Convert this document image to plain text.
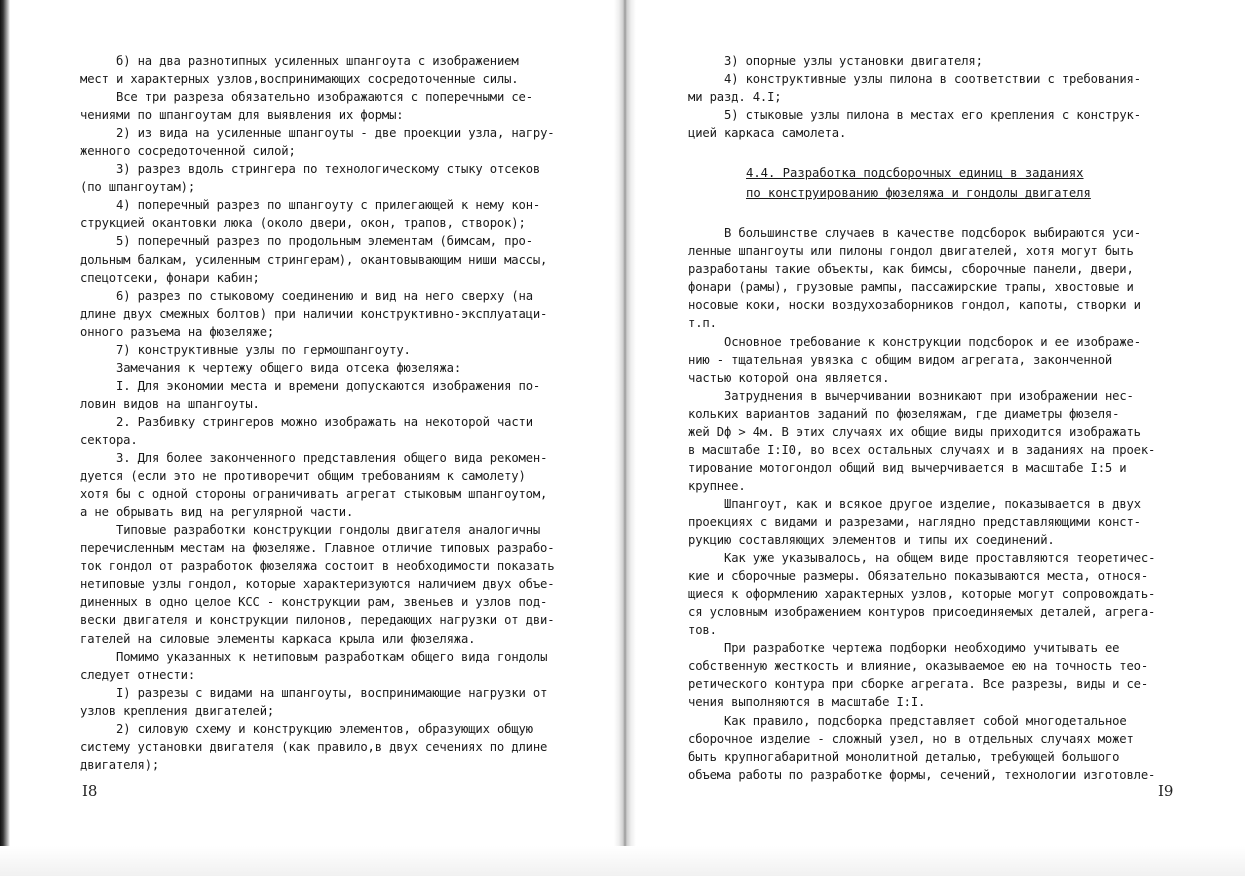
б) на два разнотипных усиленных шпангоута с изображением
мест и характерных узлов,воспринимающих сосредоточенные силы.
Все три разреза обязательно изображаются с поперечными се-
чениями по шпангоутам для выявления их формы:
2) из вида на усиленные шпангоуты - две проекции узла, нагру-
женного сосредоточенной силой;
3) разрез вдоль стрингера по технологическому стыку отсеков
(по шпангоутам);
4) поперечный разрез по шпангоуту с прилегающей к нему кон-
струкцией окантовки люка (около двери, окон, трапов, створок);
5) поперечный разрез по продольным элементам (бимсам, про-
дольным балкам, усиленным стрингерам), окантовывающим ниши массы,
спецотсеки, фонари кабин;
6) разрез по стыковому соединению и вид на него сверху (на
длине двух смежных болтов) при наличии конструктивно-эксплуатаци-
онного разъема на фюзеляже;
7) конструктивные узлы по гермошпангоуту.
Замечания к чертежу общего вида отсека фюзеляжа:
I. Для экономии места и времени допускаются изображения по-
ловин видов на шпангоуты.
2. Разбивку стрингеров можно изображать на некоторой части
сектора.
3. Для более законченного представления общего вида рекомен-
дуется (если это не противоречит общим требованиям к самолету)
хотя бы с одной стороны ограничивать агрегат стыковым шпангоутом,
а не обрывать вид на регулярной части.
Типовые разработки конструкции гондолы двигателя аналогичны
перечисленным местам на фюзеляже. Главное отличие типовых разрабо-
ток гондол от разработок фюзеляжа состоит в необходимости показать
нетиповые узлы гондол, которые характеризуются наличием двух объе-
диненных в одно целое КСС - конструкции рам, звеньев и узлов под-
вески двигателя и конструкции пилонов, передающих нагрузки от дви-
гателей на силовые элементы каркаса крыла или фюзеляжа.
Помимо указанных к нетиповым разработкам общего вида гондолы
следует отнести:
I) разрезы с видами на шпангоуты, воспринимающие нагрузки от
узлов крепления двигателей;
2) силовую схему и конструкцию элементов, образующих общую
систему установки двигателя (как правило,в двух сечениях по длине
двигателя);
I8
3) опорные узлы установки двигателя;
4) конструктивные узлы пилона в соответствии с требования-
ми разд. 4.I;
5) стыковые узлы пилона в местах его крепления с конструк-
цией каркаса самолета.
4.4. Разработка подсборочных единиц в заданиях
по конструированию фюзеляжа и гондолы двигателя
В большинстве случаев в качестве подсборок выбираются уси-
ленные шпангоуты или пилоны гондол двигателей, хотя могут быть
разработаны такие объекты, как бимсы, сборочные панели, двери,
фонари (рамы), грузовые рампы, пассажирские трапы, хвостовые и
носовые коки, носки воздухозаборников гондол, капоты, створки и
т.п.
Основное требование к конструкции подсборок и ее изображе-
нию - тщательная увязка с общим видом агрегата, законченной
частью которой она является.
Затруднения в вычерчивании возникают при изображении нес-
кольких вариантов заданий по фюзеляжам, где диаметры фюзеля-
жей Dф > 4м. В этих случаях их общие виды приходится изображать
в масштабе I:I0, во всех остальных случаях и в заданиях на проек-
тирование мотогондол общий вид вычерчивается в масштабе I:5 и
крупнее.
Шпангоут, как и всякое другое изделие, показывается в двух
проекциях с видами и разрезами, наглядно представляющими конст-
рукцию составляющих элементов и типы их соединений.
Как уже указывалось, на общем виде проставляются теоретичес-
кие и сборочные размеры. Обязательно показываются места, относя-
щиеся к оформлению характерных узлов, которые могут сопровождать-
ся условным изображением контуров присоединяемых деталей, агрега-
тов.
При разработке чертежа подборки необходимо учитывать ее
собственную жесткость и влияние, оказываемое ею на точность тео-
ретического контура при сборке агрегата. Все разрезы, виды и се-
чения выполняются в масштабе I:I.
Как правило, подсборка представляет собой многодетальное
сборочное изделие - сложный узел, но в отдельных случаях может
быть крупногабаритной монолитной деталью, требующей большого
объема работы по разработке формы, сечений, технологии изготовле-
I9
